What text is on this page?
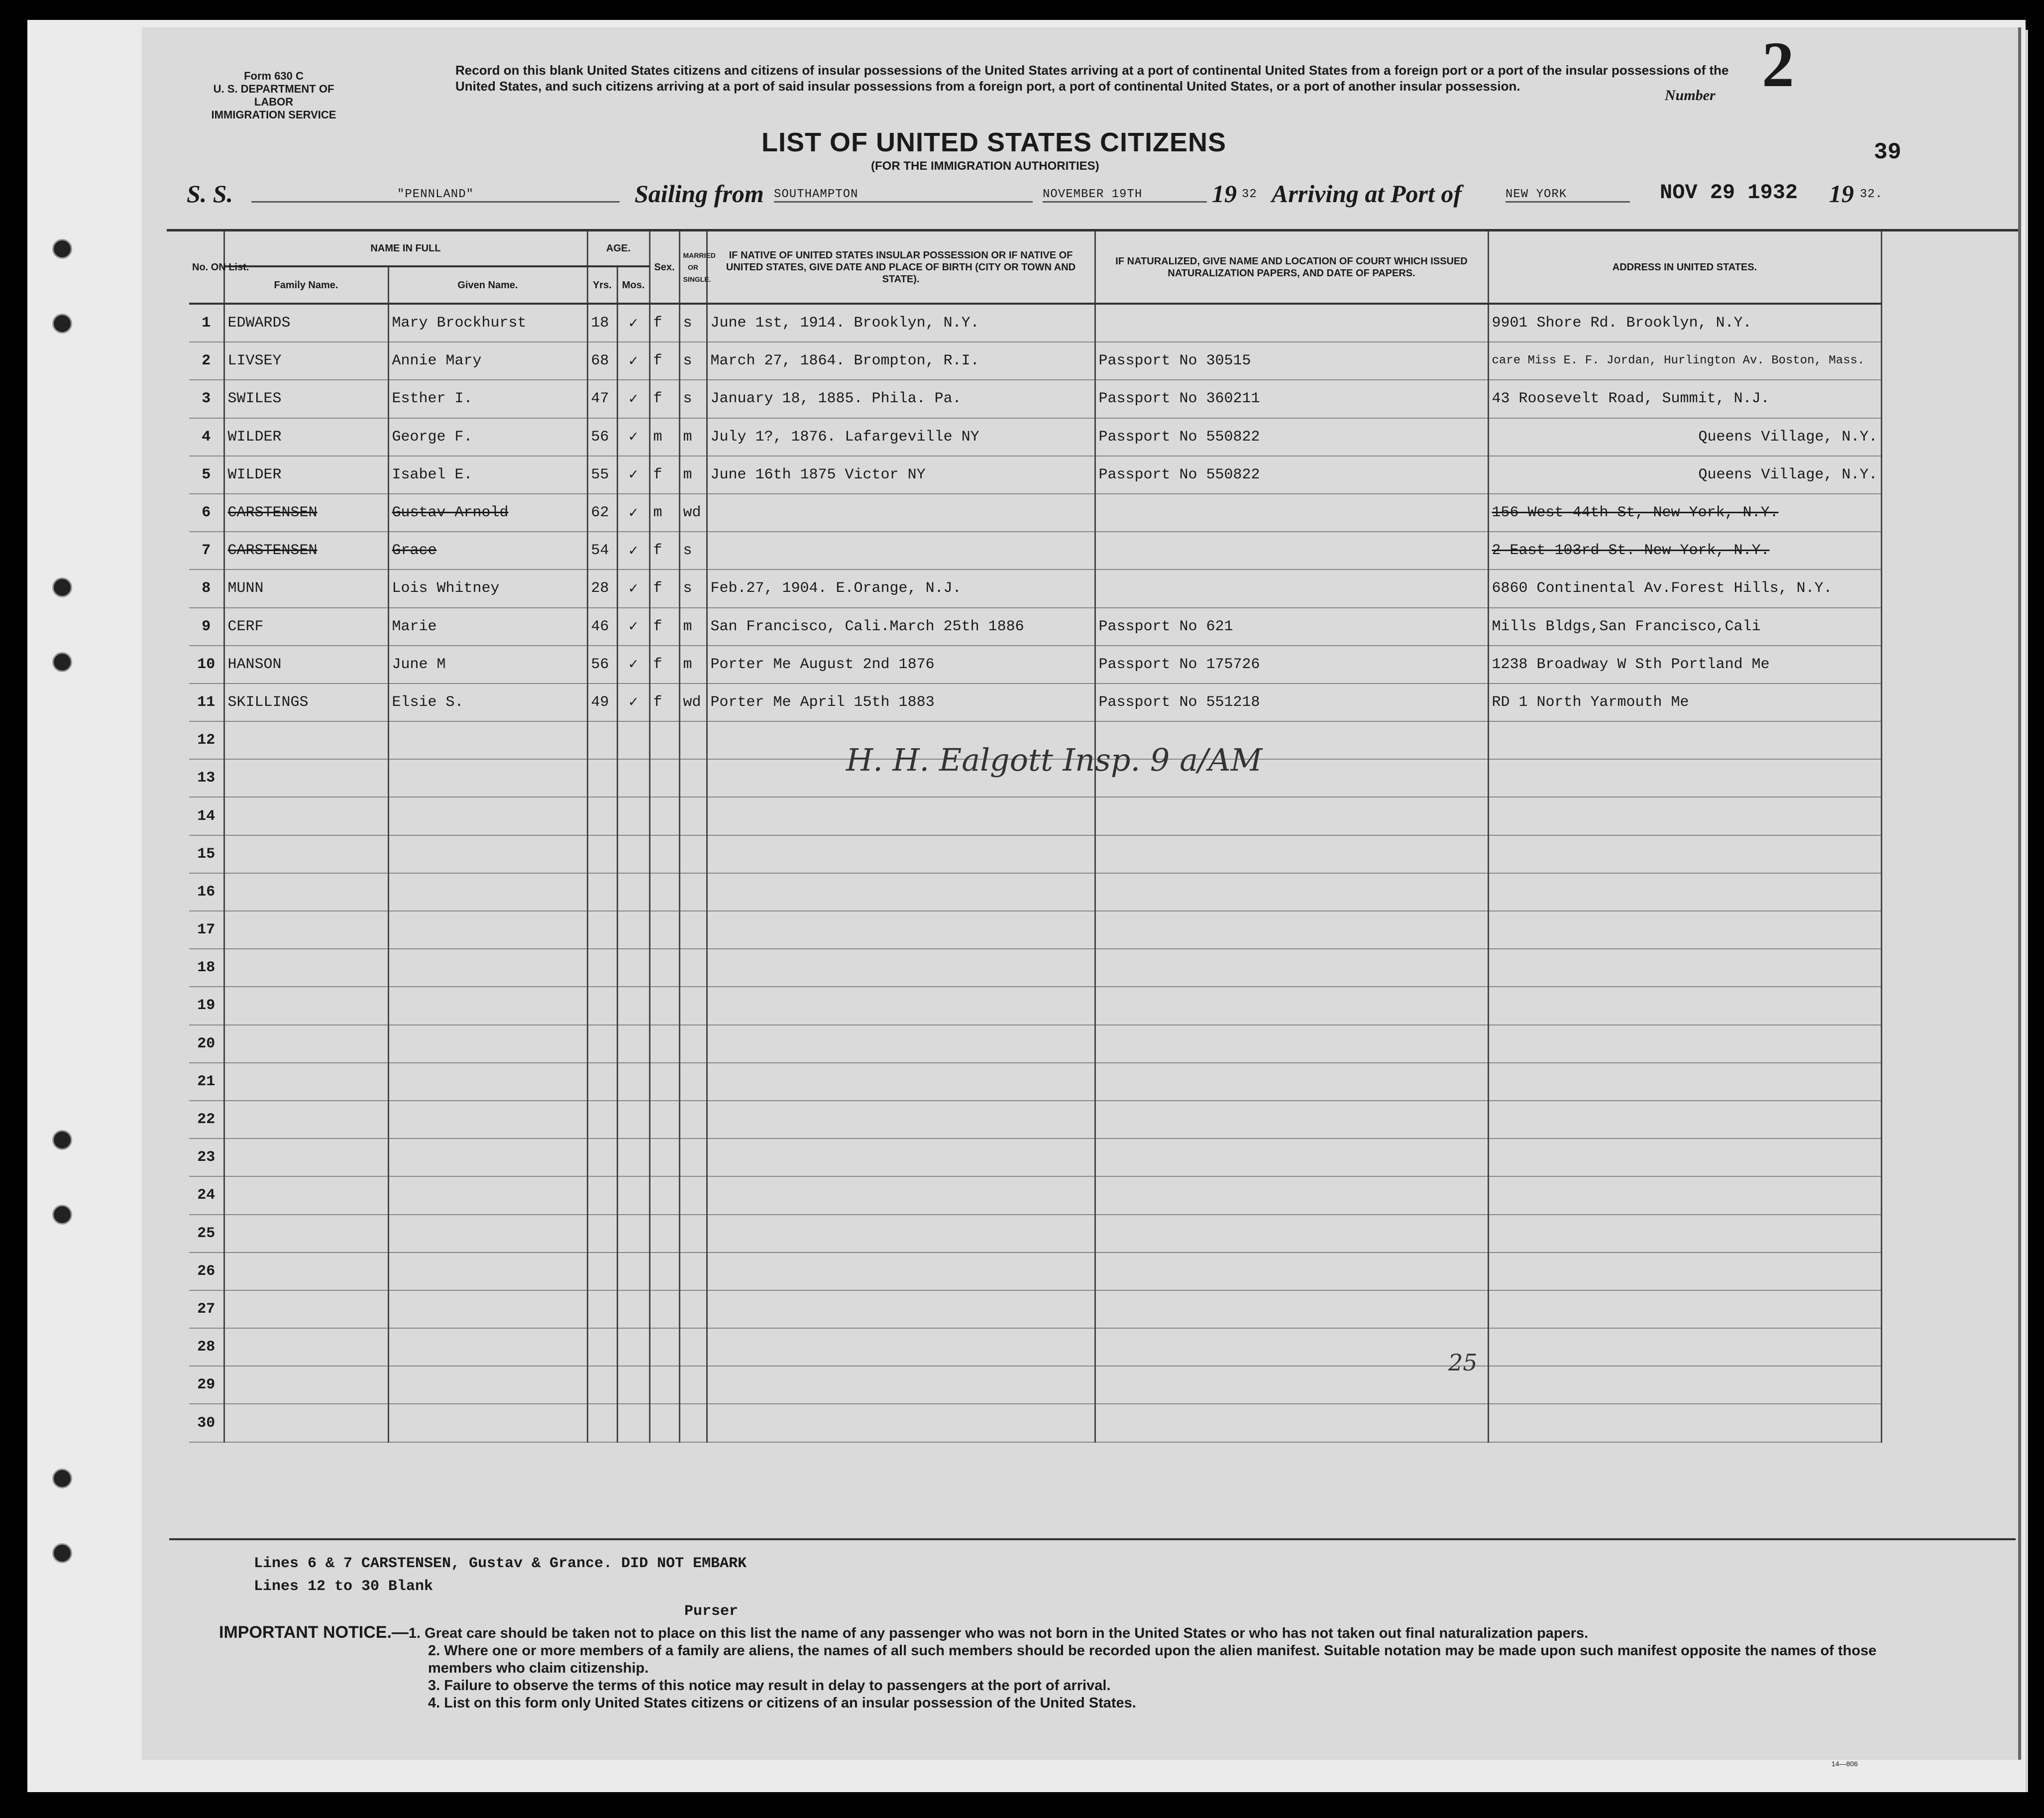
Form 630 C
U. S. DEPARTMENT OF LABOR
IMMIGRATION SERVICE
Record on this blank United States citizens and citizens of insular possessions of the United States arriving at a port of continental United States from a foreign port or a port of the insular possessions of the United States, and such citizens arriving at a port of said insular possessions from a foreign port, a port of continental United States, or a port of another insular possession.
Number 2
39
LIST OF UNITED STATES CITIZENS
(FOR THE IMMIGRATION AUTHORITIES)
S. S.	"PENNLAND"	Sailing from SOUTHAMPTON	NOVEMBER 19TH	19 32 Arriving at Port of	NEW YORK	NOV 29 1932 19 32.
No. ON List.	NAME IN FULL		AGE.		Sex.	MARRIED OR SINGLE.	IF NATIVE OF UNITED STATES INSULAR POSSESSION OR IF NATIVE OF UNITED STATES, GIVE DATE AND PLACE OF BIRTH (CITY OR TOWN AND STATE).	IF NATURALIZED, GIVE NAME AND LOCATION OF COURT WHICH ISSUED NATURALIZATION PAPERS, AND DATE OF PAPERS.	ADDRESS IN UNITED STATES.
	Family Name.	Given Name.	Yrs.	Mos.					
1	EDWARDS	Mary Brockhurst	18	✓	f	s	June 1st, 1914. Brooklyn, N.Y.		9901 Shore Rd. Brooklyn, N.Y.
2	LIVSEY	Annie Mary	68	✓	f	s	March 27, 1864. Brompton, R.I.	Passport No 30515	care Miss E. F. Jordan, Hurlington Av. Boston, Mass.
3	SWILES	Esther I.	47	✓	f	s	January 18, 1885. Phila. Pa.	Passport No 360211	43 Roosevelt Road, Summit, N.J.
4	WILDER	George F.	56	✓	m	m	July 1?, 1876. Lafargeville NY	Passport No 550822	Queens Village, N.Y.
5	WILDER	Isabel E.	55	✓	f	m	June 16th 1875 Victor NY	Passport No 550822	Queens Village, N.Y.
6	CARSTENSEN	Gustav Arnold	62	✓	m	wd			156 West 44th St, New York, N.Y.
7	CARSTENSEN	Grace	54	✓	f	s			2 East 103rd St. New York, N.Y.
8	MUNN	Lois Whitney	28	✓	f	s	Feb.27, 1904. E.Orange, N.J.		6860 Continental Av.Forest Hills, N.Y.
9	CERF	Marie	46	✓	f	m	San Francisco, Cali.March 25th 1886	Passport No 621	Mills Bldgs,San Francisco,Cali
10	HANSON	June M	56	✓	f	m	Porter Me August 2nd 1876	Passport No 175726	1238 Broadway W Sth Portland Me
11	SKILLINGS	Elsie S.	49	✓	f	wd	Porter Me April 15th 1883	Passport No 551218	RD 1 North Yarmouth Me
12									
13									
14									
15									
16									
17									
18									
19									
20									
21									
22									
23									
24									
25									
26									
27									
28									
29									
30									
H. H. Ealgott Insp. 9 a/AM
25
Lines 6 & 7 CARSTENSEN, Gustav & Grance. DID NOT EMBARK
Lines 12 to 30 Blank
Purser
IMPORTANT NOTICE.—1. Great care should be taken not to place on this list the name of any passenger who was not born in the United States or who has not taken out final naturalization papers.
2. Where one or more members of a family are aliens, the names of all such members should be recorded upon the alien manifest. Suitable notation may be made upon such manifest opposite the names of those members who claim citizenship.
3. Failure to observe the terms of this notice may result in delay to passengers at the port of arrival.
4. List on this form only United States citizens or citizens of an insular possession of the United States.
14—806
